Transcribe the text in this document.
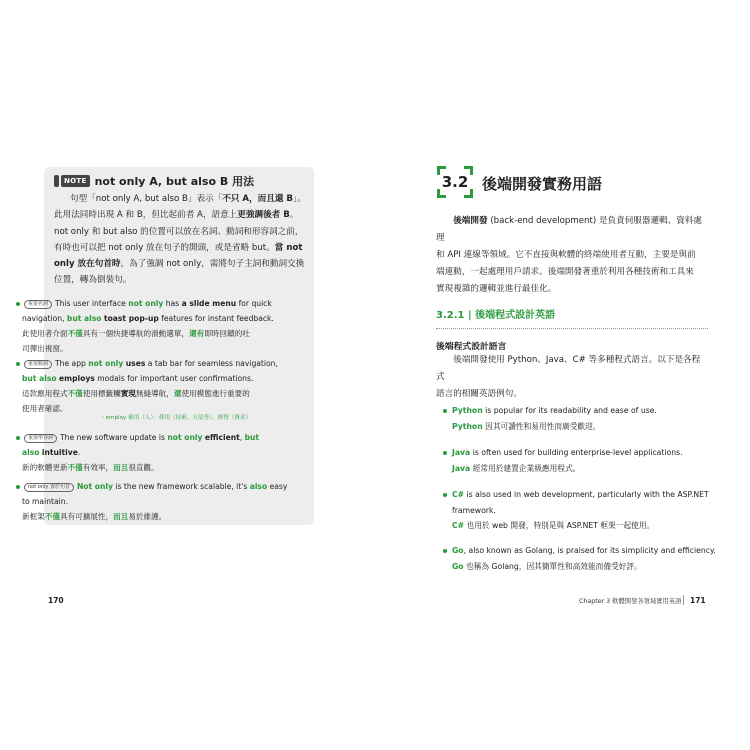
NOTE not only A, but also B 用法
句型「not only A, but also B」表示「不只 A，而且還 B」。此用法同時出現 A 和 B，但比起前者 A，語意上更強調後者 B。not only 和 but also 的位置可以放在名詞、動詞和形容詞之前，有時也可以把 not only 放在句子的開頭，或是省略 but。當 not only 放在句首時，為了強調 not only，需將句子主詞和動詞交換位置，轉為倒裝句。
重要名詞 This user interface not only has a slide menu for quick
navigation, but also toast pop-up features for instant feedback.
此使用者介面不僅具有一個快捷導航的滑動選單，還有即時回饋的吐
司彈出視窗。
重要動詞 The app not only uses a tab bar for seamless navigation,
but also employs modals for important user confirmations.
這款應用程式不僅使用標籤欄實現無縫導航，還使用模態進行重要的
使用者確認。
重要形容詞 The new software update is not only efficient, but
also intuitive.
新的軟體更新不僅有效率，而且很直觀。
not only 置於句首 Not only is the new framework scalable, it's also easy
to maintain.
新框架不僅具有可擴展性，而且易於維護。
・employ 僱用（人）、使用（技術、方法等）、經營（資金）
170
3.2 後端開發實務用語
　　後端開發 (back-end development) 是負責伺服器邏輯、資料處理
和 API 連線等領域。它不直接與軟體的終端使用者互動，主要是與前
端連動，一起處理用戶請求。後端開發著重於利用各種技術和工具來
實現複雜的邏輯並進行最佳化。
3.2.1 | 後端程式設計英語
後端程式設計語言
　　後端開發使用 Python、Java、C# 等多種程式語言。以下是各程式
語言的相關英語例句。
Python is popular for its readability and ease of use.
Python 因其可讀性和易用性而廣受歡迎。
Java is often used for building enterprise-level applications.
Java 經常用於建置企業級應用程式。
C# is also used in web development, particularly with the ASP.NET
framework.
C# 也用於 web 開發，特別是與 ASP.NET 框架一起使用。
Go, also known as Golang, is praised for its simplicity and efficiency.
Go 也稱為 Golang，因其簡單性和高效能而備受好評。
Chapter 3 軟體開發各領域實用英語 171
